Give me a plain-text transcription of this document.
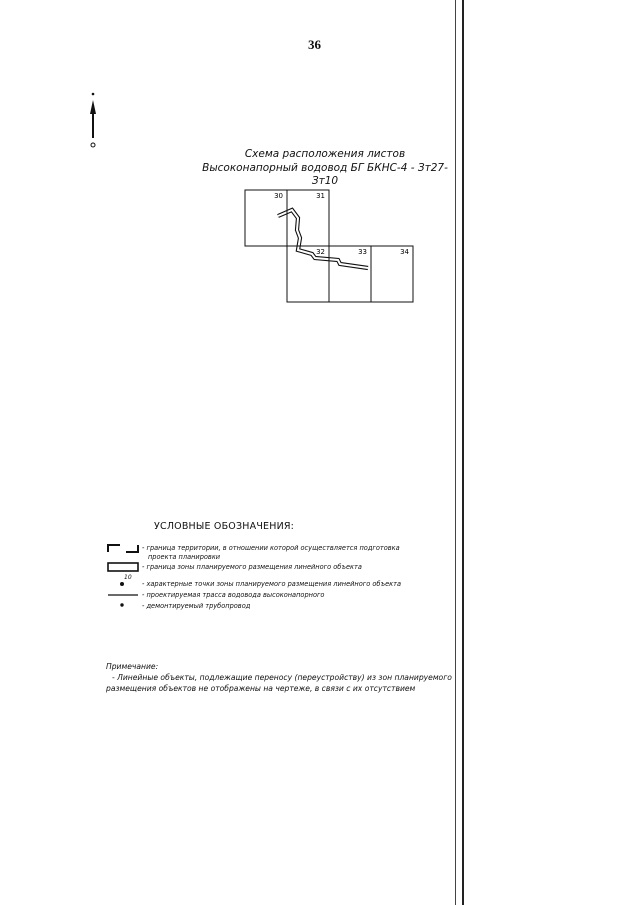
36
Схема расположения листов
Высоконапорный водовод БГ БКНС-4 - Зт27-Зт10
30	31
32	33	34
УСЛОВНЫЕ ОБОЗНАЧЕНИЯ:
- граница территории, в отношении которой осуществляется подготовка
проекта планировки
- граница зоны планируемого размещения линейного объекта
10
- характерные точки зоны планируемого размещения линейного объекта
- проектируемая трасса водовода высоконапорного
- демонтируемый трубопровод
Примечание:
- Линейные объекты, подлежащие переносу (переустройству) из зон планируемого
размещения объектов не отображены на чертеже, в связи с их отсутствием
